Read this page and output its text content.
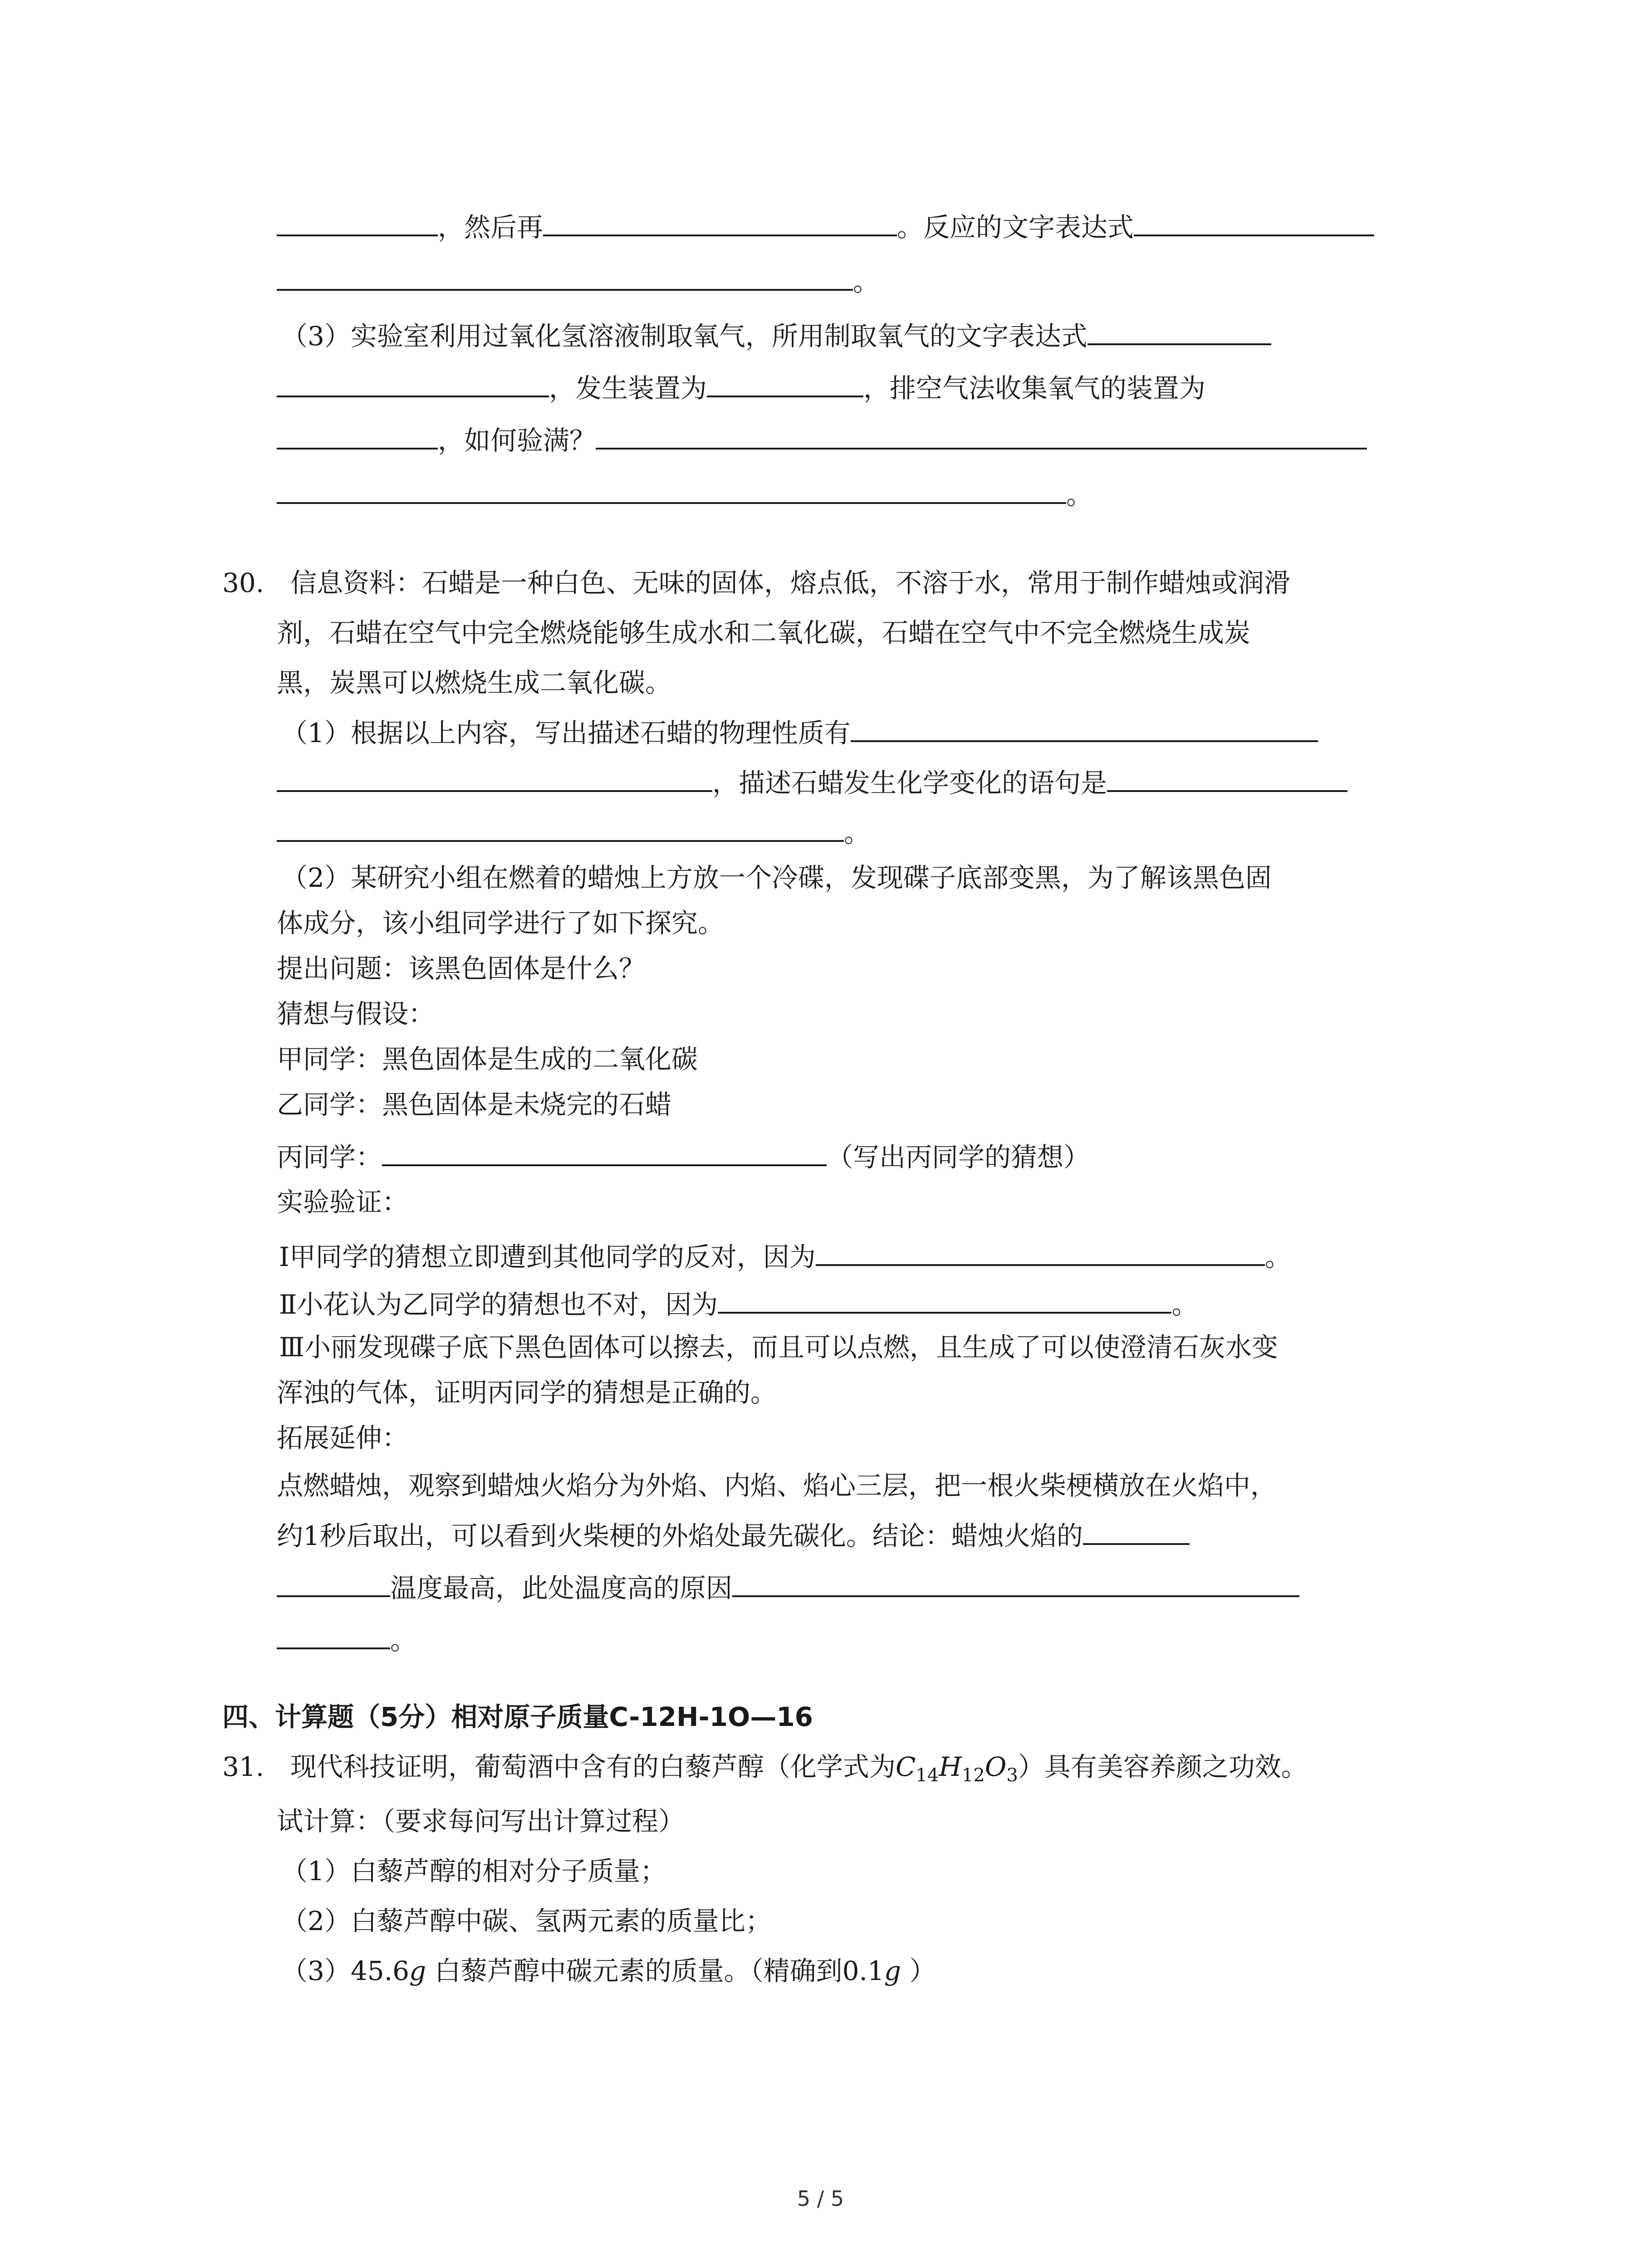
，然后再	。反应的文字表达式
。
（3）实验室利用过氧化氢溶液制取氧气，所用制取氧气的文字表达式
，发生装置为	，排空气法收集氧气的装置为
，如何验满？
。
30. 信息资料：石蜡是一种白色、无味的固体，熔点低，不溶于水，常用于制作蜡烛或润滑
剂，石蜡在空气中完全燃烧能够生成水和二氧化碳，石蜡在空气中不完全燃烧生成炭
黑，炭黑可以燃烧生成二氧化碳。
（1）根据以上内容，写出描述石蜡的物理性质有
，描述石蜡发生化学变化的语句是
。
（2）某研究小组在燃着的蜡烛上方放一个冷碟，发现碟子底部变黑，为了解该黑色固
体成分，该小组同学进行了如下探究。
提出问题：该黑色固体是什么？
猜想与假设：
甲同学：黑色固体是生成的二氧化碳
乙同学：黑色固体是未烧完的石蜡
丙同学：	（写出丙同学的猜想）
实验验证：
Ⅰ甲同学的猜想立即遭到其他同学的反对，因为	。
Ⅱ小花认为乙同学的猜想也不对，因为	。
Ⅲ小丽发现碟子底下黑色固体可以擦去，而且可以点燃，且生成了可以使澄清石灰水变
浑浊的气体，证明丙同学的猜想是正确的。
拓展延伸：
点燃蜡烛，观察到蜡烛火焰分为外焰、内焰、焰心三层，把一根火柴梗横放在火焰中，
约1秒后取出，可以看到火柴梗的外焰处最先碳化。结论：蜡烛火焰的
温度最高，此处温度高的原因
。
四、计算题（5分）相对原子质量C-12H-1O—16
31. 现代科技证明，葡萄酒中含有的白藜芦醇（化学式为$C_{14}H_{12}O_3$）具有美容养颜之功效。
试计算：（要求每问写出计算过程）
（1）白藜芦醇的相对分子质量；
（2）白藜芦醇中碳、氢两元素的质量比；
（3）45.6g 白藜芦醇中碳元素的质量。（精确到0.1g ）
5 / 5
